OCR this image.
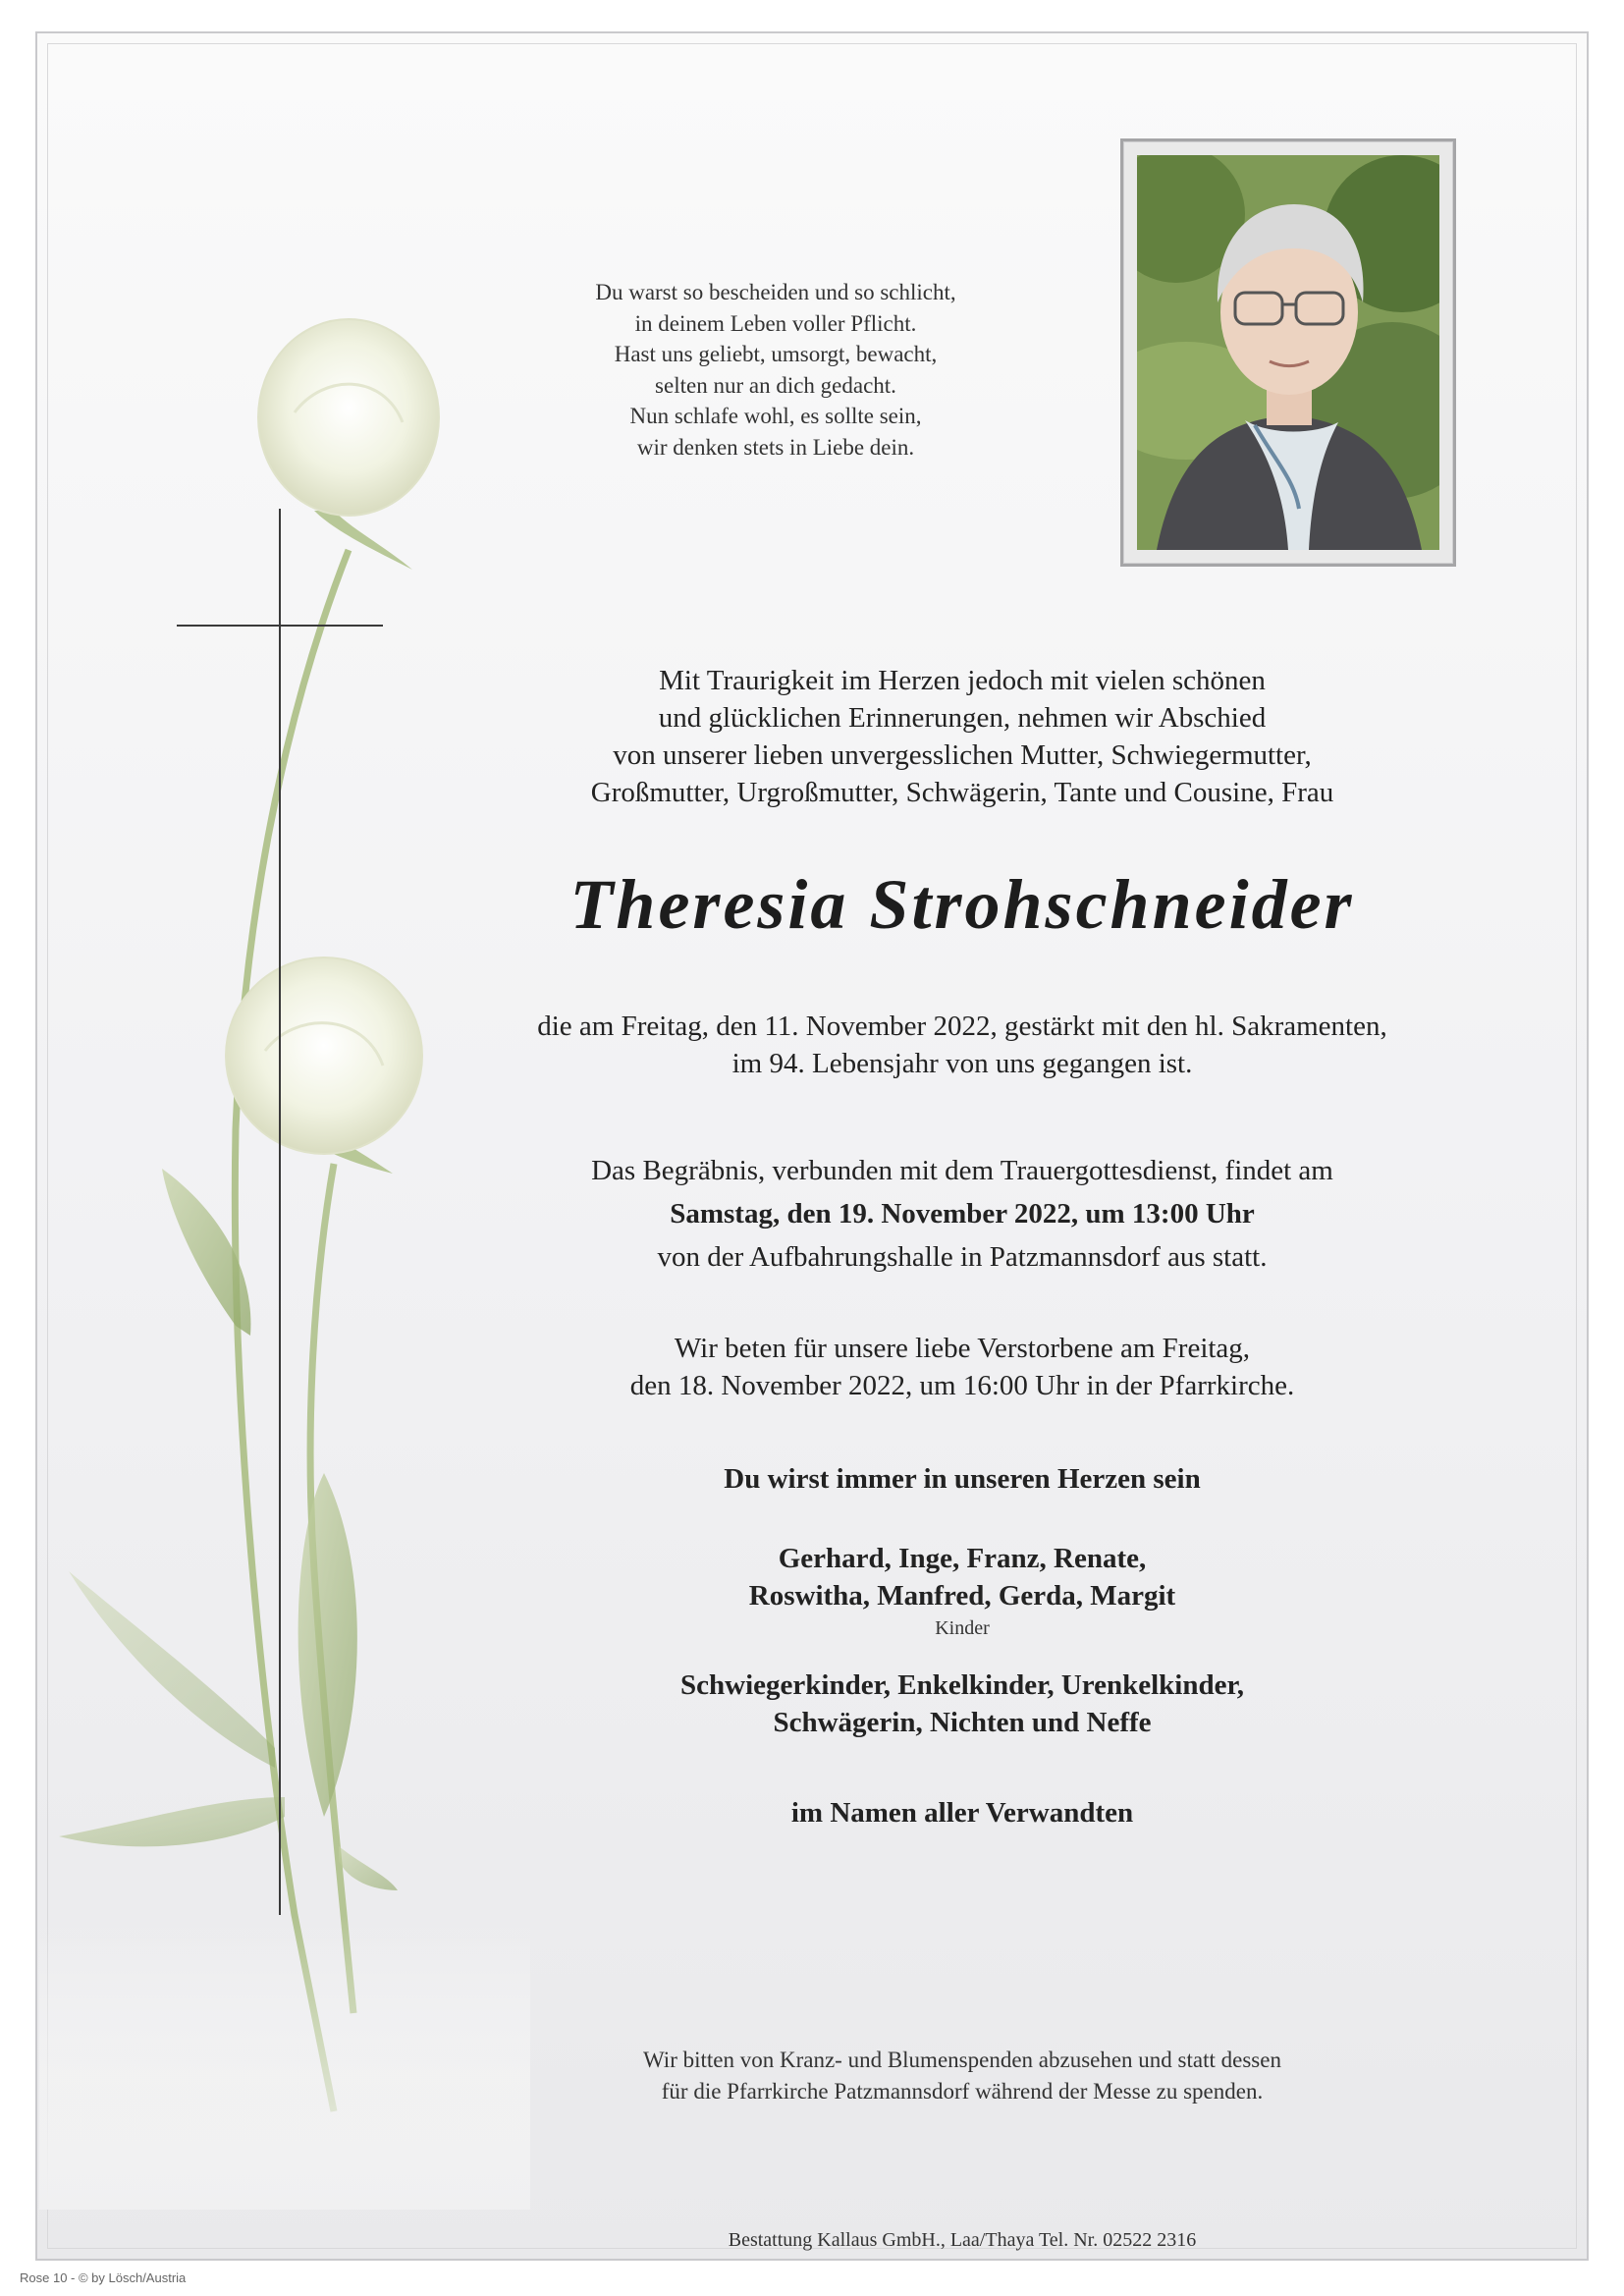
Du warst so bescheiden und so schlicht,
in deinem Leben voller Pflicht.
Hast uns geliebt, umsorgt, bewacht,
selten nur an dich gedacht.
Nun schlafe wohl, es sollte sein,
wir denken stets in Liebe dein.
Mit Traurigkeit im Herzen jedoch mit vielen schönen
und glücklichen Erinnerungen, nehmen wir Abschied
von unserer lieben unvergesslichen Mutter, Schwiegermutter,
Großmutter, Urgroßmutter, Schwägerin, Tante und Cousine, Frau
Theresia Strohschneider
die am Freitag, den 11. November 2022, gestärkt mit den hl. Sakramenten,
im 94. Lebensjahr von uns gegangen ist.
Das Begräbnis, verbunden mit dem Trauergottesdienst, findet am
Samstag, den 19. November 2022, um 13:00 Uhr
von der Aufbahrungshalle in Patzmannsdorf aus statt.
Wir beten für unsere liebe Verstorbene am Freitag,
den 18. November 2022, um 16:00 Uhr in der Pfarrkirche.
Du wirst immer in unseren Herzen sein
Gerhard, Inge, Franz, Renate,
Roswitha, Manfred, Gerda, Margit
Kinder
Schwiegerkinder, Enkelkinder, Urenkelkinder,
Schwägerin, Nichten und Neffe
im Namen aller Verwandten
Wir bitten von Kranz- und Blumenspenden abzusehen und statt dessen
für die Pfarrkirche Patzmannsdorf während der Messe zu spenden.
Bestattung Kallaus GmbH., Laa/Thaya Tel. Nr. 02522 2316
Rose 10 - © by Lösch/Austria
